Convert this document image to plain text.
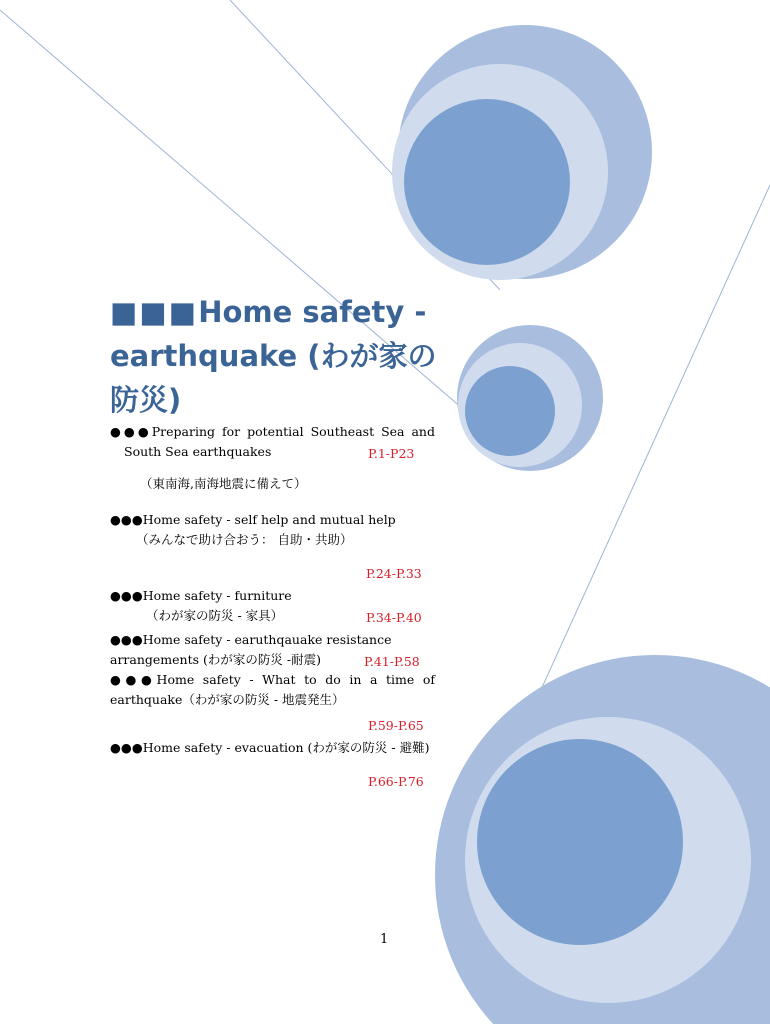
■■■Home safety - earthquake (わが家の防災)
●●●Preparing for potential Southeast Sea and
South Sea earthquakes	P.1-P23
（東南海,南海地震に備えて）
●●●Home safety - self help and mutual help
（みんなで助け合おう： 自助・共助）
P.24-P.33
●●●Home safety - furniture
（わが家の防災 - 家具）	P.34-P.40
●●●Home safety - earuthqauake resistance
arrangements (わが家の防災 -耐震)	P.41-P.58
●●●Home safety - What to do in a time of
earthquake（わが家の防災 - 地震発生）
P.59-P.65
●●●Home safety - evacuation (わが家の防災 - 避難)
P.66-P.76
1
